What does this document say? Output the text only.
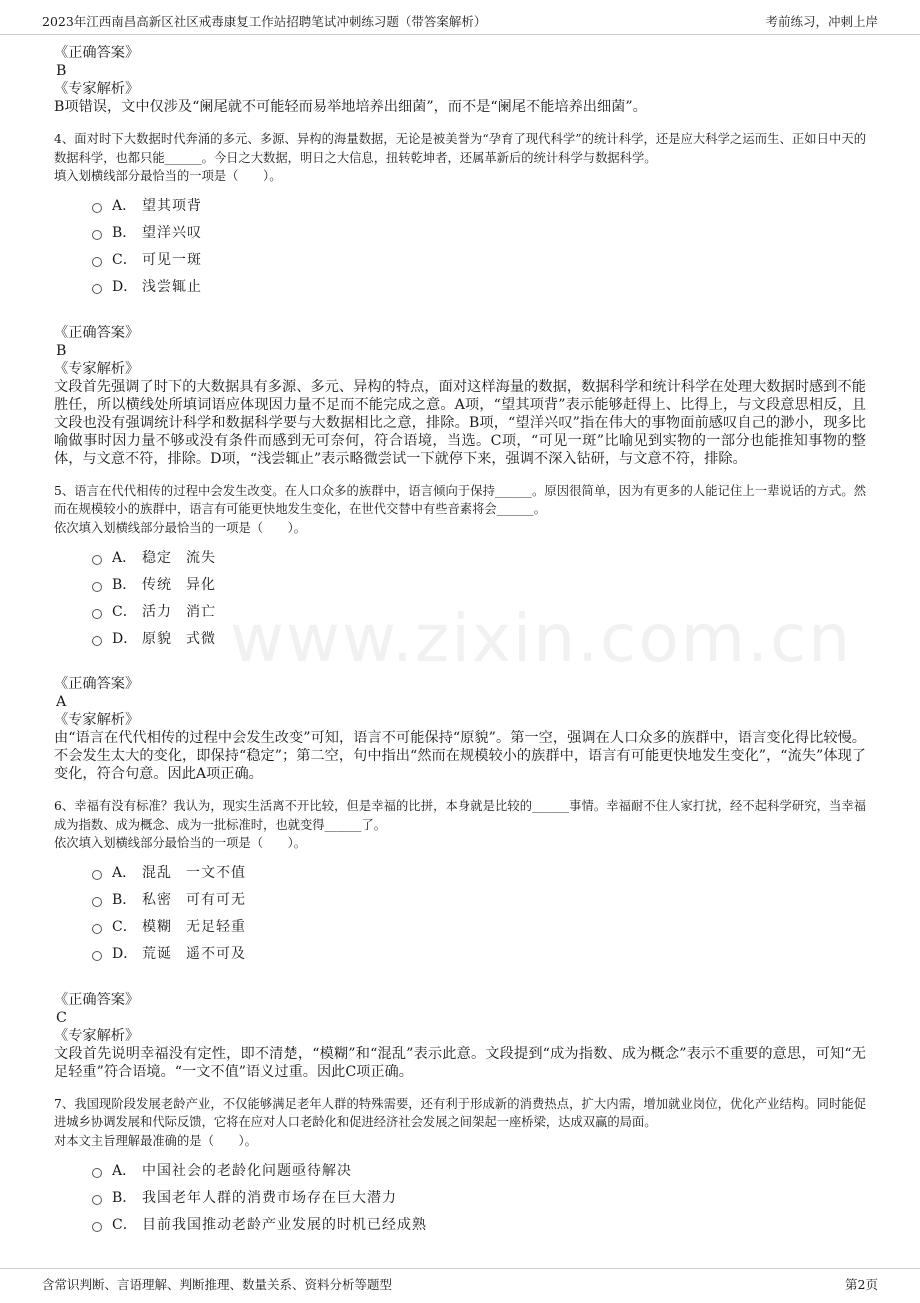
2023年江西南昌高新区社区戒毒康复工作站招聘笔试冲刺练习题（带答案解析）	考前练习，冲刺上岸
www.zixin.com.cn

《正确答案》

B

《专家解析》

B项错误，文中仅涉及“阑尾就不可能轻而易举地培养出细菌”，而不是“阑尾不能培养出细菌”。

4、面对时下大数据时代奔涌的多元、多源、异构的海量数据，无论是被美誉为“孕育了现代科学”的统计科学，还是应大科学之运而生、正如日中天的数据科学，也都只能______。今日之大数据，明日之大信息，扭转乾坤者，还属革新后的统计科学与数据科学。

填入划横线部分最恰当的一项是（　　）。

A． 望其项背
B． 望洋兴叹
C． 可见一斑
D． 浅尝辄止

《正确答案》

B

《专家解析》

文段首先强调了时下的大数据具有多源、多元、异构的特点，面对这样海量的数据，数据科学和统计科学在处理大数据时感到不能胜任，所以横线处所填词语应体现因力量不足而不能完成之意。A项，“望其项背”表示能够赶得上、比得上，与文段意思相反，且文段也没有强调统计科学和数据科学要与大数据相比之意，排除。B项，“望洋兴叹”指在伟大的事物面前感叹自己的渺小，现多比喻做事时因力量不够或没有条件而感到无可奈何，符合语境，当选。C项，“可见一斑”比喻见到实物的一部分也能推知事物的整体，与文意不符，排除。D项，“浅尝辄止”表示略微尝试一下就停下来，强调不深入钻研，与文意不符，排除。

5、语言在代代相传的过程中会发生改变。在人口众多的族群中，语言倾向于保持______。原因很简单，因为有更多的人能记住上一辈说话的方式。然而在规模较小的族群中，语言有可能更快地发生变化，在世代交替中有些音素将会______。

依次填入划横线部分最恰当的一项是（　　）。

A． 稳定 流失
B． 传统 异化
C． 活力 消亡
D． 原貌 式微

《正确答案》

A

《专家解析》

由“语言在代代相传的过程中会发生改变”可知，语言不可能保持“原貌”。第一空，强调在人口众多的族群中，语言变化得比较慢。不会发生太大的变化，即保持“稳定”；第二空，句中指出“然而在规模较小的族群中，语言有可能更快地发生变化”，“流失”体现了变化，符合句意。因此A项正确。

6、幸福有没有标准？我认为，现实生活离不开比较，但是幸福的比拼，本身就是比较的______事情。幸福耐不住人家打扰，经不起科学研究，当幸福成为指数、成为概念、成为一批标准时，也就变得______了。

依次填入划横线部分最恰当的一项是（　　）。

A． 混乱 一文不值
B． 私密 可有可无
C． 模糊 无足轻重
D． 荒诞 遥不可及

《正确答案》

C

《专家解析》

文段首先说明幸福没有定性，即不清楚，“模糊”和“混乱”表示此意。文段提到“成为指数、成为概念”表示不重要的意思，可知“无足轻重”符合语境。“一文不值”语义过重。因此C项正确。

7、我国现阶段发展老龄产业，不仅能够满足老年人群的特殊需要，还有利于形成新的消费热点，扩大内需，增加就业岗位，优化产业结构。同时能促进城乡协调发展和代际反馈，它将在应对人口老龄化和促进经济社会发展之间架起一座桥梁，达成双赢的局面。

对本文主旨理解最准确的是（　　）。

A． 中国社会的老龄化问题亟待解决
B． 我国老年人群的消费市场存在巨大潜力
C． 目前我国推动老龄产业发展的时机已经成熟
含常识判断、言语理解、判断推理、数量关系、资料分析等题型	第2页
